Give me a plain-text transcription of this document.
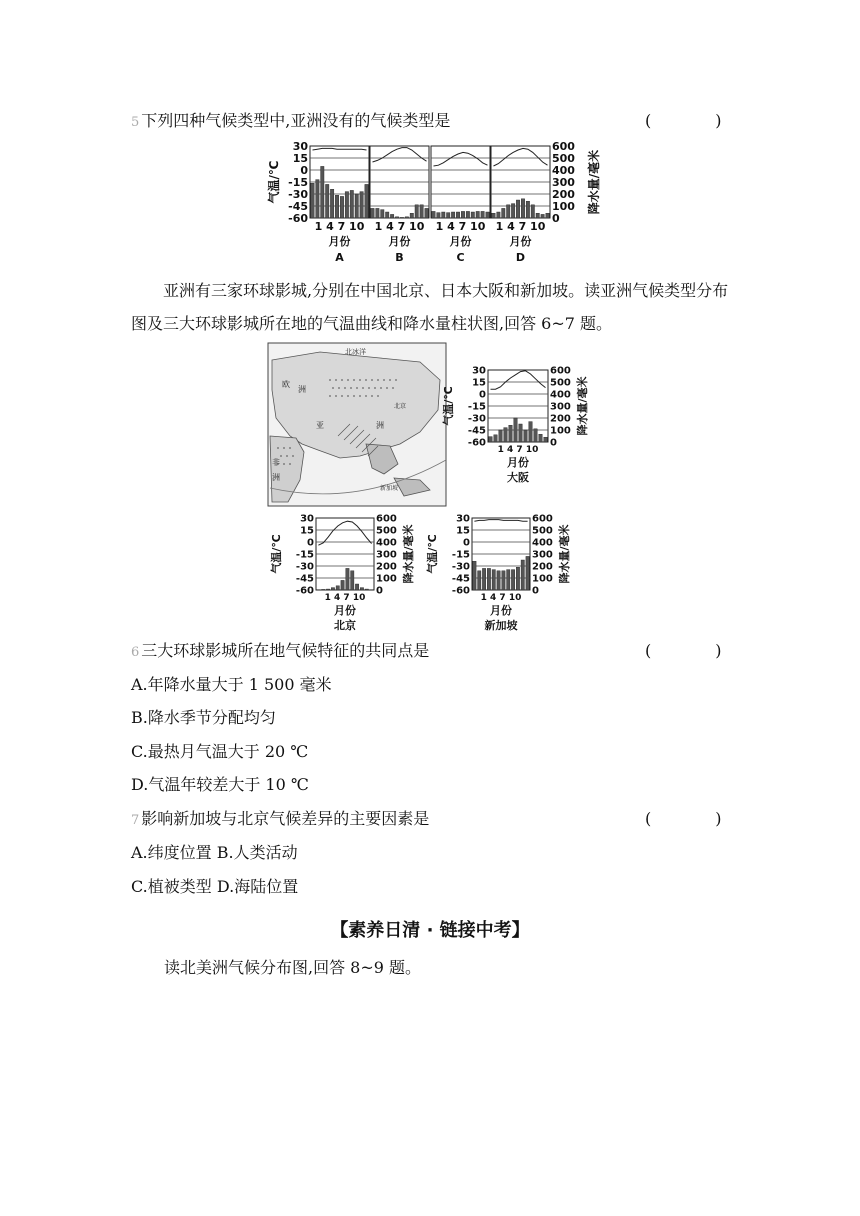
5 下列四种气候类型中,亚洲没有的气候类型是	(　　　　)
1 4 7 10
月份
A
1 4 7 10
月份
B
1 4 7 10
月份
C
1 4 7 10
月份
D
30
15
0
-15
-30
-45
-60
600
500
400
300
200
100
0
气温/℃	降水量/毫米
亚洲有三家环球影城,分别在中国北京、日本大阪和新加坡。读亚洲气候类型分布图及三大环球影城所在地的气温曲线和降水量柱状图,回答 6~7 题。
北冰洋
欧
洲
亚	洲
北京
非
洲
新加坡
30
15
0
-15
-30
-45
-60
600
500
400
300
200
100
0
气温/℃	降水量/毫米
1 4 7 10
月份
大阪
30
15
0
-15
-30
-45
-60
600
500
400
300
200
100
0
气温/℃	降水量/毫米
1 4 7 10
月份
北京
30
15
0
-15
-30
-45
-60
600
500
400
300
200
100
0
气温/℃	降水量/毫米
1 4 7 10
月份
新加坡
6 三大环球影城所在地气候特征的共同点是	(　　　　)
A.年降水量大于 1 500 毫米
B.降水季节分配均匀
C.最热月气温大于 20 ℃
D.气温年较差大于 10 ℃
7 影响新加坡与北京气候差异的主要因素是	(　　　　)
A.纬度位置 B.人类活动
C.植被类型 D.海陆位置
【素养日清 · 链接中考】
读北美洲气候分布图,回答 8~9 题。
